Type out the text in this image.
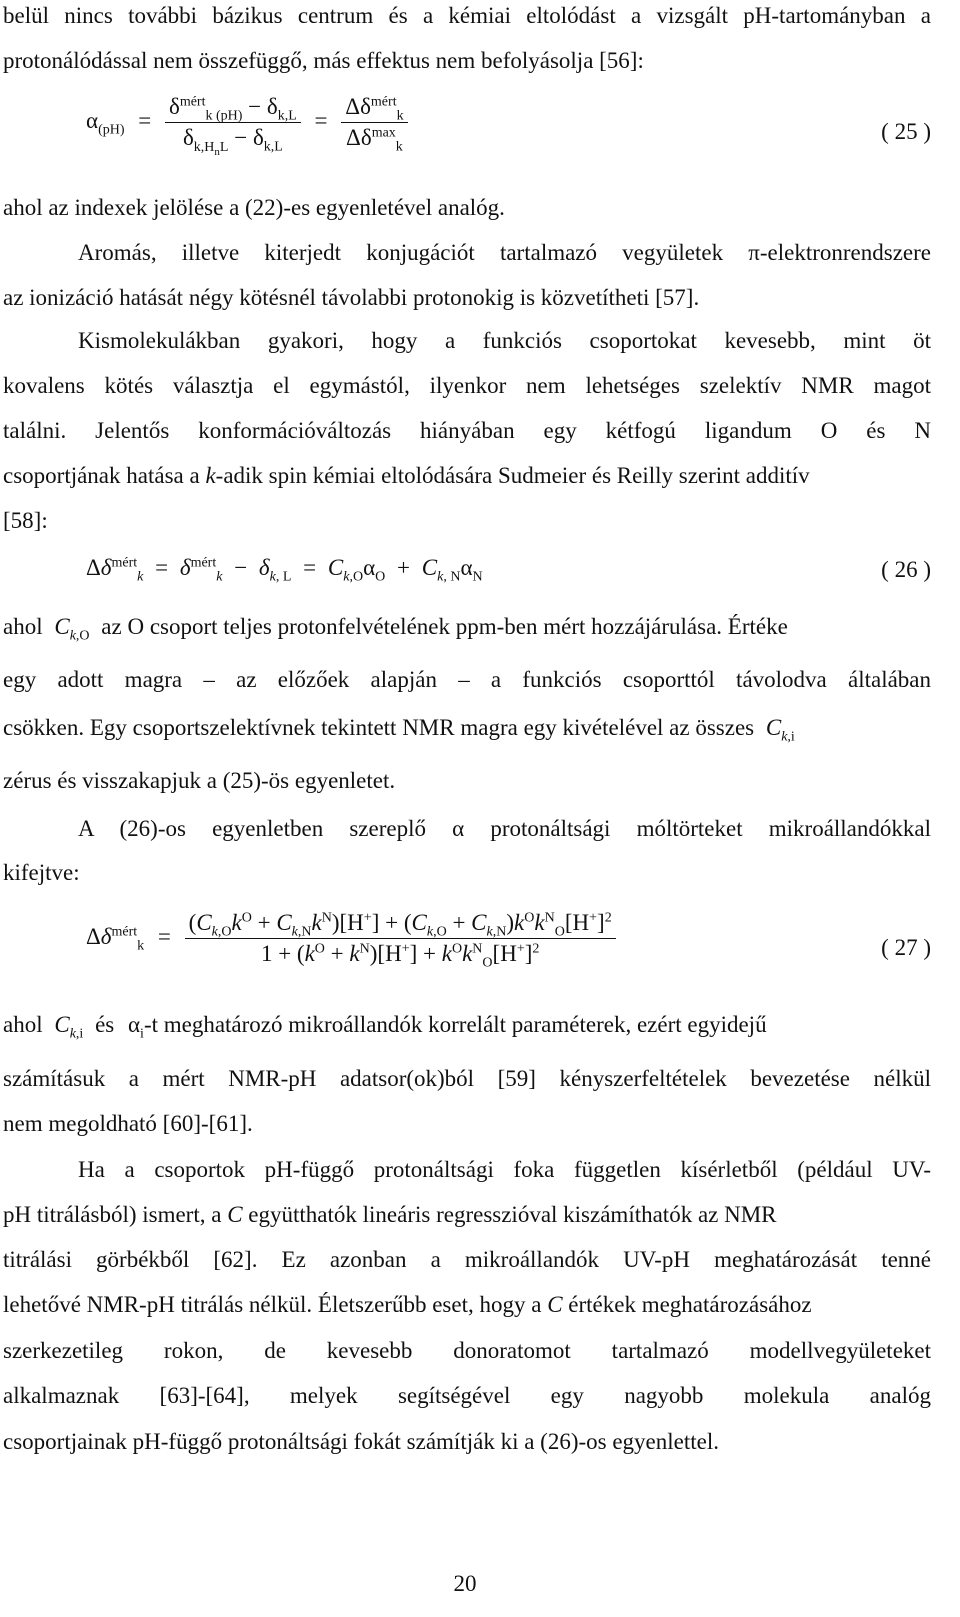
belül nincs további bázikus centrum és a kémiai eltolódást a vizsgált pH-tartományban a
protonálódással nem összefüggő, más effektus nem befolyásolja [56]:
$\alpha_{(pH)} = \frac{\delta^{mért}_{k (pH)} - \delta_{k,L}}{\delta_{k,H_nL} - \delta_{k,L}} = \frac{\Delta\delta^{mért}_k}{\Delta\delta^{max}_k}$	( 25 )
ahol az indexek jelölése a (22)-es egyenletével analóg.
Aromás, illetve kiterjedt konjugációt tartalmazó vegyületek π-elektronrendszere
az ionizáció hatását négy kötésnél távolabbi protonokig is közvetítheti [57].
Kismolekulákban gyakori, hogy a funkciós csoportokat kevesebb, mint öt
kovalens kötés választja el egymástól, ilyenkor nem lehetséges szelektív NMR magot
találni. Jelentős konformációváltozás hiányában egy kétfogú ligandum O és N
csoportjának hatása a k-adik spin kémiai eltolódására Sudmeier és Reilly szerint additív
[58]:
$\Delta\delta^{mért}_k = \delta^{mért}_k - \delta_{k, L} = C_{k,O}\alpha_O + C_{k, N}\alpha_N$	( 26 )
ahol $C_{k,O}$ az O csoport teljes protonfelvételének ppm-ben mért hozzájárulása. Értéke
egy adott magra – az előzőek alapján – a funkciós csoporttól távolodva általában
csökken. Egy csoportszelektívnek tekintett NMR magra egy kivételével az összes $C_{k,i}$
zérus és visszakapjuk a (25)-ös egyenletet.
A (26)-os egyenletben szereplő α protonáltsági móltörteket mikroállandókkal
kifejtve:
$\Delta\delta^{mért}_k = \frac{(C_{k,O}k^O + C_{k,N}k^N)[H^+] + (C_{k,O} + C_{k,N})k^Ok^N_O[H^+]^2}{1 + (k^O + k^N)[H^+] + k^Ok^N_O[H^+]^2}$	( 27 )
ahol $C_{k,i}$ és $\alpha_i-t$ meghatározó mikroállandók korrelált paraméterek, ezért egyidejű
számításuk a mért NMR-pH adatsor(ok)ból [59] kényszerfeltételek bevezetése nélkül
nem megoldható [60]-[61].
Ha a csoportok pH-függő protonáltsági foka független kísérletből (például UV-
pH titrálásból) ismert, a C együtthatók lineáris regresszióval kiszámíthatók az NMR
titrálási görbékből [62]. Ez azonban a mikroállandók UV-pH meghatározását tenné
lehetővé NMR-pH titrálás nélkül. Életszerűbb eset, hogy a C értékek meghatározásához
szerkezetileg rokon, de kevesebb donoratomot tartalmazó modellvegyületeket
alkalmaznak [63]-[64], melyek segítségével egy nagyobb molekula analóg
csoportjainak pH-függő protonáltsági fokát számítják ki a (26)-os egyenlettel.
20
